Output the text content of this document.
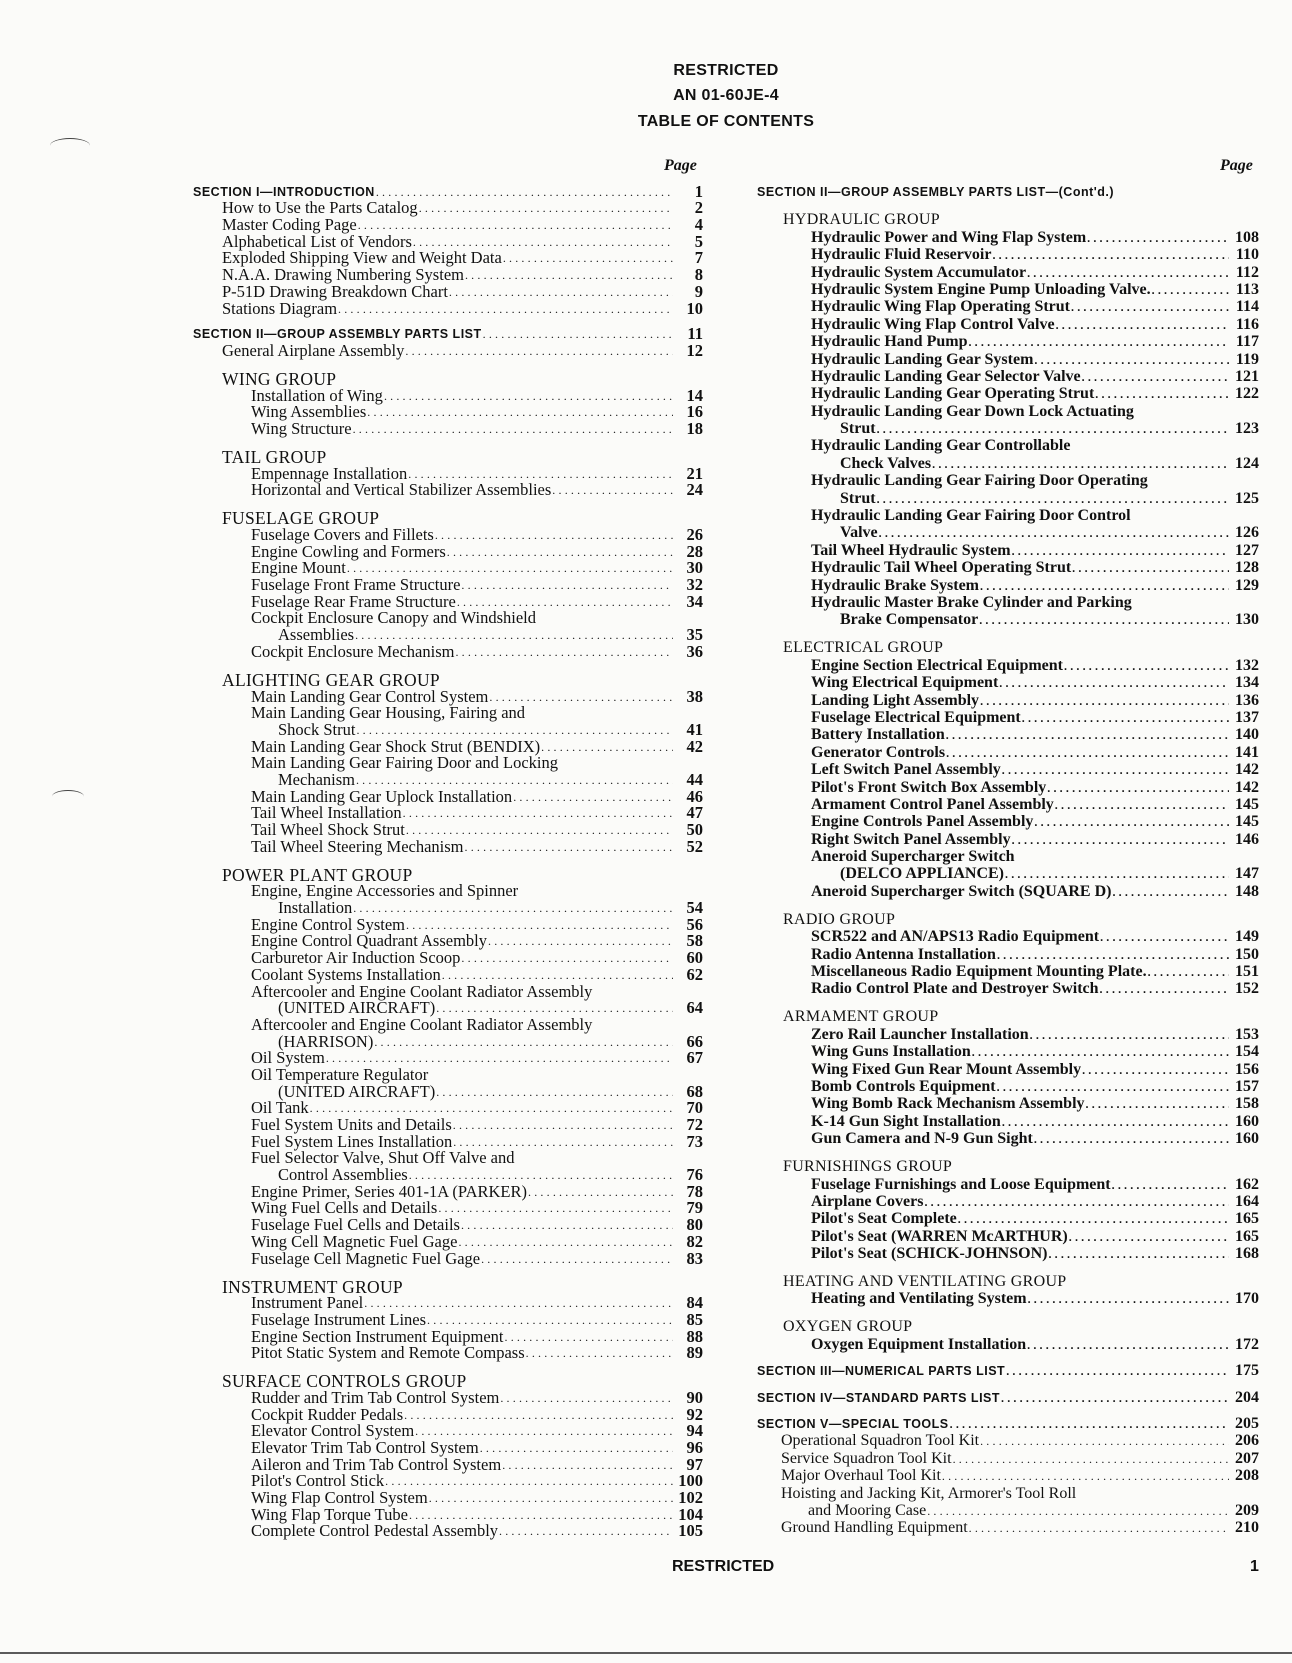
RESTRICTED
AN 01-60JE-4
TABLE OF CONTENTS
Page	Page
SECTION I—INTRODUCTION .....	1
How to Use the Parts Catalog .....	2
Master Coding Page .....	4
Alphabetical List of Vendors .....	5
Exploded Shipping View and Weight Data .....	7
N.A.A. Drawing Numbering System .....	8
P-51D Drawing Breakdown Chart .....	9
Stations Diagram .....	10
SECTION II—GROUP ASSEMBLY PARTS LIST .....	11
General Airplane Assembly .....	12
WING GROUP
Installation of Wing .....	14
Wing Assemblies .....	16
Wing Structure .....	18
TAIL GROUP
Empennage Installation .....	21
Horizontal and Vertical Stabilizer Assemblies .....	24
FUSELAGE GROUP
Fuselage Covers and Fillets .....	26
Engine Cowling and Formers .....	28
Engine Mount .....	30
Fuselage Front Frame Structure .....	32
Fuselage Rear Frame Structure .....	34
Cockpit Enclosure Canopy and Windshield
Assemblies .....	35
Cockpit Enclosure Mechanism .....	36
ALIGHTING GEAR GROUP
Main Landing Gear Control System .....	38
Main Landing Gear Housing, Fairing and
Shock Strut .....	41
Main Landing Gear Shock Strut (BENDIX) .....	42
Main Landing Gear Fairing Door and Locking
Mechanism .....	44
Main Landing Gear Uplock Installation .....	46
Tail Wheel Installation .....	47
Tail Wheel Shock Strut .....	50
Tail Wheel Steering Mechanism .....	52
POWER PLANT GROUP
Engine, Engine Accessories and Spinner
Installation .....	54
Engine Control System .....	56
Engine Control Quadrant Assembly .....	58
Carburetor Air Induction Scoop .....	60
Coolant Systems Installation .....	62
Aftercooler and Engine Coolant Radiator Assembly
(UNITED AIRCRAFT) .....	64
Aftercooler and Engine Coolant Radiator Assembly
(HARRISON) .....	66
Oil System .....	67
Oil Temperature Regulator
(UNITED AIRCRAFT) .....	68
Oil Tank .....	70
Fuel System Units and Details .....	72
Fuel System Lines Installation .....	73
Fuel Selector Valve, Shut Off Valve and
Control Assemblies .....	76
Engine Primer, Series 401-1A (PARKER) .....	78
Wing Fuel Cells and Details .....	79
Fuselage Fuel Cells and Details .....	80
Wing Cell Magnetic Fuel Gage .....	82
Fuselage Cell Magnetic Fuel Gage .....	83
INSTRUMENT GROUP
Instrument Panel .....	84
Fuselage Instrument Lines .....	85
Engine Section Instrument Equipment .....	88
Pitot Static System and Remote Compass .....	89
SURFACE CONTROLS GROUP
Rudder and Trim Tab Control System .....	90
Cockpit Rudder Pedals .....	92
Elevator Control System .....	94
Elevator Trim Tab Control System .....	96
Aileron and Trim Tab Control System .....	97
Pilot's Control Stick .....	100
Wing Flap Control System .....	102
Wing Flap Torque Tube .....	104
Complete Control Pedestal Assembly .....	105
SECTION II—GROUP ASSEMBLY PARTS LIST—(Cont'd.)
HYDRAULIC GROUP
Hydraulic Power and Wing Flap System .....	108
Hydraulic Fluid Reservoir .....	110
Hydraulic System Accumulator .....	112
Hydraulic System Engine Pump Unloading Valve. .....	113
Hydraulic Wing Flap Operating Strut .....	114
Hydraulic Wing Flap Control Valve .....	116
Hydraulic Hand Pump .....	117
Hydraulic Landing Gear System .....	119
Hydraulic Landing Gear Selector Valve .....	121
Hydraulic Landing Gear Operating Strut .....	122
Hydraulic Landing Gear Down Lock Actuating
Strut .....	123
Hydraulic Landing Gear Controllable
Check Valves .....	124
Hydraulic Landing Gear Fairing Door Operating
Strut .....	125
Hydraulic Landing Gear Fairing Door Control
Valve .....	126
Tail Wheel Hydraulic System .....	127
Hydraulic Tail Wheel Operating Strut .....	128
Hydraulic Brake System .....	129
Hydraulic Master Brake Cylinder and Parking
Brake Compensator .....	130
ELECTRICAL GROUP
Engine Section Electrical Equipment .....	132
Wing Electrical Equipment .....	134
Landing Light Assembly .....	136
Fuselage Electrical Equipment .....	137
Battery Installation .....	140
Generator Controls .....	141
Left Switch Panel Assembly .....	142
Pilot's Front Switch Box Assembly .....	142
Armament Control Panel Assembly .....	145
Engine Controls Panel Assembly .....	145
Right Switch Panel Assembly .....	146
Aneroid Supercharger Switch
(DELCO APPLIANCE) .....	147
Aneroid Supercharger Switch (SQUARE D) .....	148
RADIO GROUP
SCR522 and AN/APS13 Radio Equipment .....	149
Radio Antenna Installation .....	150
Miscellaneous Radio Equipment Mounting Plate. .....	151
Radio Control Plate and Destroyer Switch .....	152
ARMAMENT GROUP
Zero Rail Launcher Installation .....	153
Wing Guns Installation .....	154
Wing Fixed Gun Rear Mount Assembly .....	156
Bomb Controls Equipment .....	157
Wing Bomb Rack Mechanism Assembly .....	158
K-14 Gun Sight Installation .....	160
Gun Camera and N-9 Gun Sight .....	160
FURNISHINGS GROUP
Fuselage Furnishings and Loose Equipment .....	162
Airplane Covers .....	164
Pilot's Seat Complete .....	165
Pilot's Seat (WARREN McARTHUR) .....	165
Pilot's Seat (SCHICK-JOHNSON) .....	168
HEATING AND VENTILATING GROUP
Heating and Ventilating System .....	170
OXYGEN GROUP
Oxygen Equipment Installation .....	172
SECTION III—NUMERICAL PARTS LIST .....	175
SECTION IV—STANDARD PARTS LIST .....	204
SECTION V—SPECIAL TOOLS .....	205
Operational Squadron Tool Kit .....	206
Service Squadron Tool Kit .....	207
Major Overhaul Tool Kit .....	208
Hoisting and Jacking Kit, Armorer's Tool Roll
and Mooring Case .....	209
Ground Handling Equipment .....	210
RESTRICTED	1
